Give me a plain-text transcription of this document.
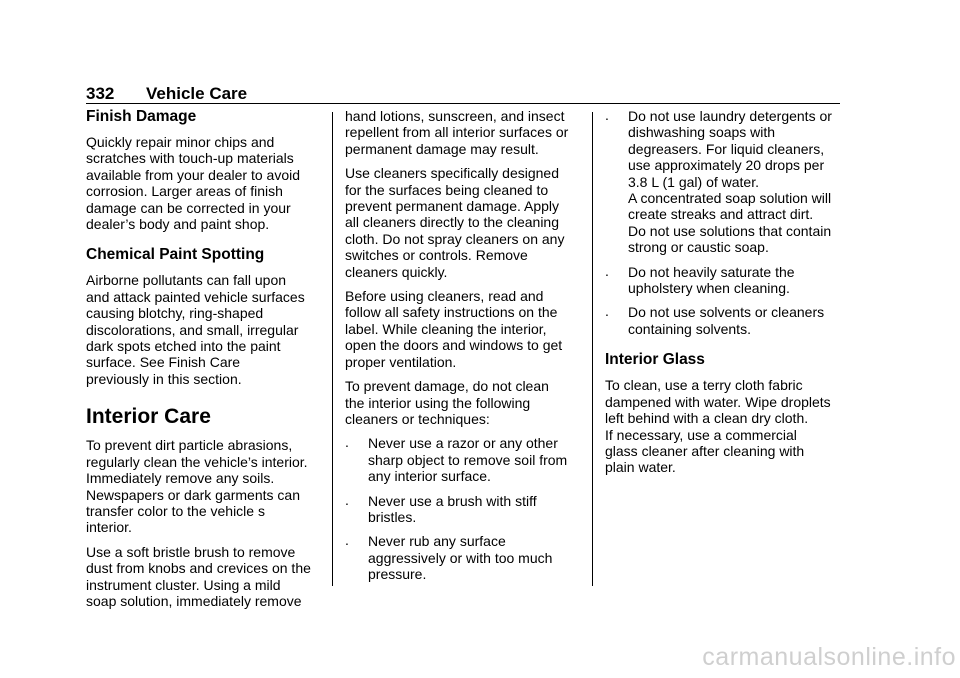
332 Vehicle Care
Finish Damage

Quickly repair minor chips and
scratches with touch-up materials
available from your dealer to avoid
corrosion. Larger areas of finish
damage can be corrected in your
dealer’s body and paint shop.

Chemical Paint Spotting

Airborne pollutants can fall upon
and attack painted vehicle surfaces
causing blotchy, ring-shaped
discolorations, and small, irregular
dark spots etched into the paint
surface. See Finish Care
previously in this section.

Interior Care

To prevent dirt particle abrasions,
regularly clean the vehicle’s interior.
Immediately remove any soils.
Newspapers or dark garments can
transfer color to the vehicle s
interior.

Use a soft bristle brush to remove
dust from knobs and crevices on the
instrument cluster. Using a mild
soap solution, immediately remove

hand lotions, sunscreen, and insect
repellent from all interior surfaces or
permanent damage may result.

Use cleaners specifically designed
for the surfaces being cleaned to
prevent permanent damage. Apply
all cleaners directly to the cleaning
cloth. Do not spray cleaners on any
switches or controls. Remove
cleaners quickly.

Before using cleaners, read and
follow all safety instructions on the
label. While cleaning the interior,
open the doors and windows to get
proper ventilation.

To prevent damage, do not clean
the interior using the following
cleaners or techniques:

. Never use a razor or any other
sharp object to remove soil from
any interior surface.
. Never use a brush with stiff
bristles.
. Never rub any surface
aggressively or with too much
pressure.
. Do not use laundry detergents or
dishwashing soaps with
degreasers. For liquid cleaners,
use approximately 20 drops per
3.8 L (1 gal) of water.
A concentrated soap solution will
create streaks and attract dirt.
Do not use solutions that contain
strong or caustic soap.
. Do not heavily saturate the
upholstery when cleaning.
. Do not use solvents or cleaners
containing solvents.
Interior Glass

To clean, use a terry cloth fabric
dampened with water. Wipe droplets
left behind with a clean dry cloth.
If necessary, use a commercial
glass cleaner after cleaning with
plain water.

carmanualsonline.info
